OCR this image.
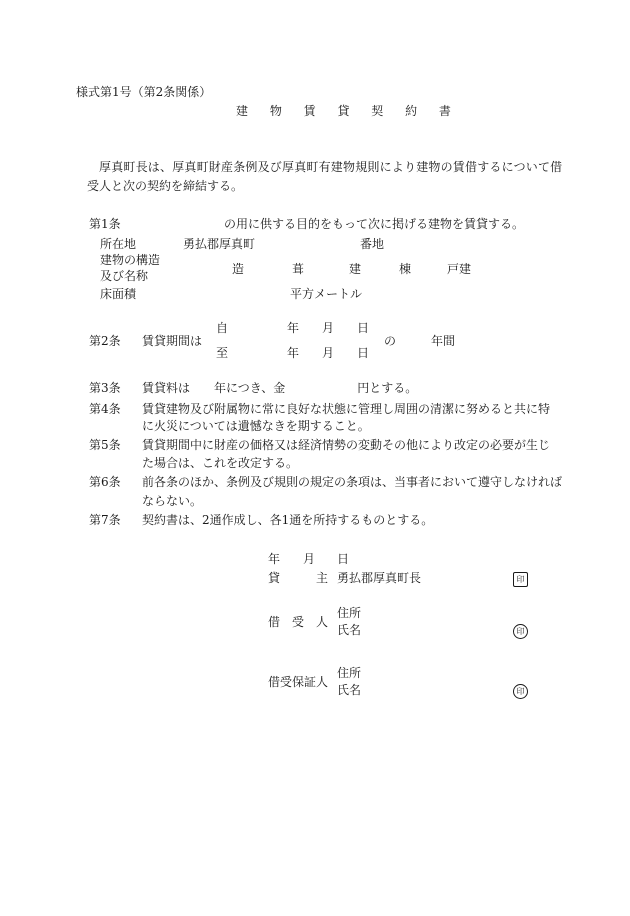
様式第1号（第2条関係）
建 物 賃 貸 契 約 書
厚真町長は、厚真町財産条例及び厚真町有建物規則により建物の賃借するについて借
受人と次の契約を締結する。
第1条	の用に供する目的をもって次に掲げる建物を賃貸する。
所在地	勇払郡厚真町	番地
建物の構造
及び名称	造	葺	建	棟	戸建
床面積	平方メートル
第2条 賃貸期間は
自	年 月 日
至	年 月 日
の	年間
第3条 賃貸料は　　年につき、金　　　　　　円とする。
第4条 賃貸建物及び附属物に常に良好な状態に管理し周囲の清潔に努めると共に特
に火災については遺憾なきを期すること。
第5条 賃貸期間中に財産の価格又は経済情勢の変動その他により改定の必要が生じ
た場合は、これを改定する。
第6条 前各条のほか、条例及び規則の規定の条項は、当事者において遵守しなければ
ならない。
第7条 契約書は、2通作成し、各1通を所持するものとする。
年 月 日
貸　　　主 勇払郡厚真町長	印
借　受　人
住所
氏名	印
借受保証人
住所
氏名	印
